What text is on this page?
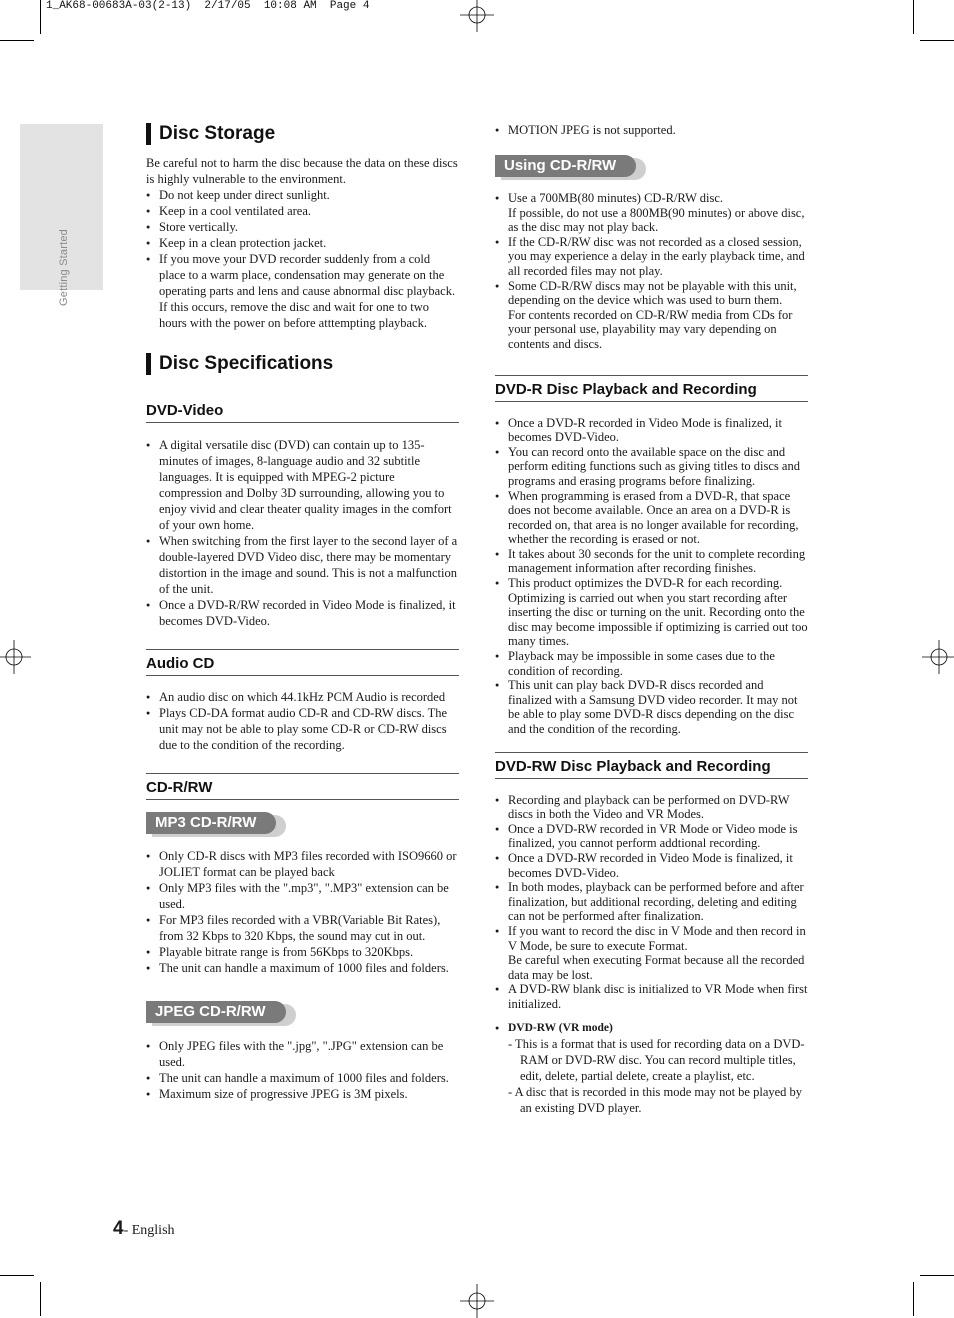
1_AK68-00683A-03(2-13)  2/17/05  10:08 AM  Page 4
Getting Started
Disc Storage

Be careful not to harm the disc because the data on these discs is highly vulnerable to the environment.

● Do not keep under direct sunlight.
● Keep in a cool ventilated area.
● Store vertically.
● Keep in a clean protection jacket.
● If you move your DVD recorder suddenly from a cold place to a warm place, condensation may generate on the operating parts and lens and cause abnormal disc playback. If this occurs, remove the disc and wait for one to two hours with the power on before atttempting playback.
Disc Specifications
DVD-Video
● A digital versatile disc (DVD) can contain up to 135-minutes of images, 8-language audio and 32 subtitle languages. It is equipped with MPEG-2 picture compression and Dolby 3D surrounding, allowing you to enjoy vivid and clear theater quality images in the comfort of your own home.
● When switching from the first layer to the second layer of a double-layered DVD Video disc, there may be momentary distortion in the image and sound. This is not a malfunction of the unit.
● Once a DVD-R/RW recorded in Video Mode is finalized, it becomes DVD-Video.
Audio CD
● An audio disc on which 44.1kHz PCM Audio is recorded
● Plays CD-DA format audio CD-R and CD-RW discs. The unit may not be able to play some CD-R or CD-RW discs due to the condition of the recording.
CD-R/RW
MP3 CD-R/RW
● Only CD-R discs with MP3 files recorded with ISO9660 or JOLIET format can be played back
● Only MP3 files with the ".mp3", ".MP3" extension can be used.
● For MP3 files recorded with a VBR(Variable Bit Rates), from 32 Kbps to 320 Kbps, the sound may cut in out.
● Playable bitrate range is from 56Kbps to 320Kbps.
● The unit can handle a maximum of 1000 files and folders.
JPEG CD-R/RW
● Only JPEG files with the ".jpg", ".JPG" extension can be used.
● The unit can handle a maximum of 1000 files and folders.
● Maximum size of progressive JPEG is 3M pixels.
● MOTION JPEG is not supported.
Using CD-R/RW
● Use a 700MB(80 minutes) CD-R/RW disc.
If possible, do not use a 800MB(90 minutes) or above disc, as the disc may not play back.
● If the CD-R/RW disc was not recorded as a closed session, you may experience a delay in the early playback time, and all recorded files may not play.
● Some CD-R/RW discs may not be playable with this unit, depending on the device which was used to burn them.
For contents recorded on CD-R/RW media from CDs for your personal use, playability may vary depending on contents and discs.
DVD-R Disc Playback and Recording
● Once a DVD-R recorded in Video Mode is finalized, it becomes DVD-Video.
● You can record onto the available space on the disc and perform editing functions such as giving titles to discs and programs and erasing programs before finalizing.
● When programming is erased from a DVD-R, that space does not become available. Once an area on a DVD-R is recorded on, that area is no longer available for recording, whether the recording is erased or not.
● It takes about 30 seconds for the unit to complete recording management information after recording finishes.
● This product optimizes the DVD-R for each recording. Optimizing is carried out when you start recording after inserting the disc or turning on the unit. Recording onto the disc may become impossible if optimizing is carried out too many times.
● Playback may be impossible in some cases due to the condition of recording.
● This unit can play back DVD-R discs recorded and finalized with a Samsung DVD video recorder. It may not be able to play some DVD-R discs depending on the disc and the condition of the recording.
DVD-RW Disc Playback and Recording
● Recording and playback can be performed on DVD-RW discs in both the Video and VR Modes.
● Once a DVD-RW recorded in VR Mode or Video mode is finalized, you cannot perform addtional recording.
● Once a DVD-RW recorded in Video Mode is finalized, it becomes DVD-Video.
● In both modes, playback can be performed before and after finalization, but additional recording, deleting and editing can not be performed after finalization.
● If you want to record the disc in V Mode and then record in V Mode, be sure to execute Format.
Be careful when executing Format because all the recorded data may be lost.
● A DVD-RW blank disc is initialized to VR Mode when first initialized.
● DVD-RW (VR mode)
- This is a format that is used for recording data on a DVD-RAM or DVD-RW disc. You can record multiple titles, edit, delete, partial delete, create a playlist, etc.
- A disc that is recorded in this mode may not be played by an existing DVD player.
4- English
